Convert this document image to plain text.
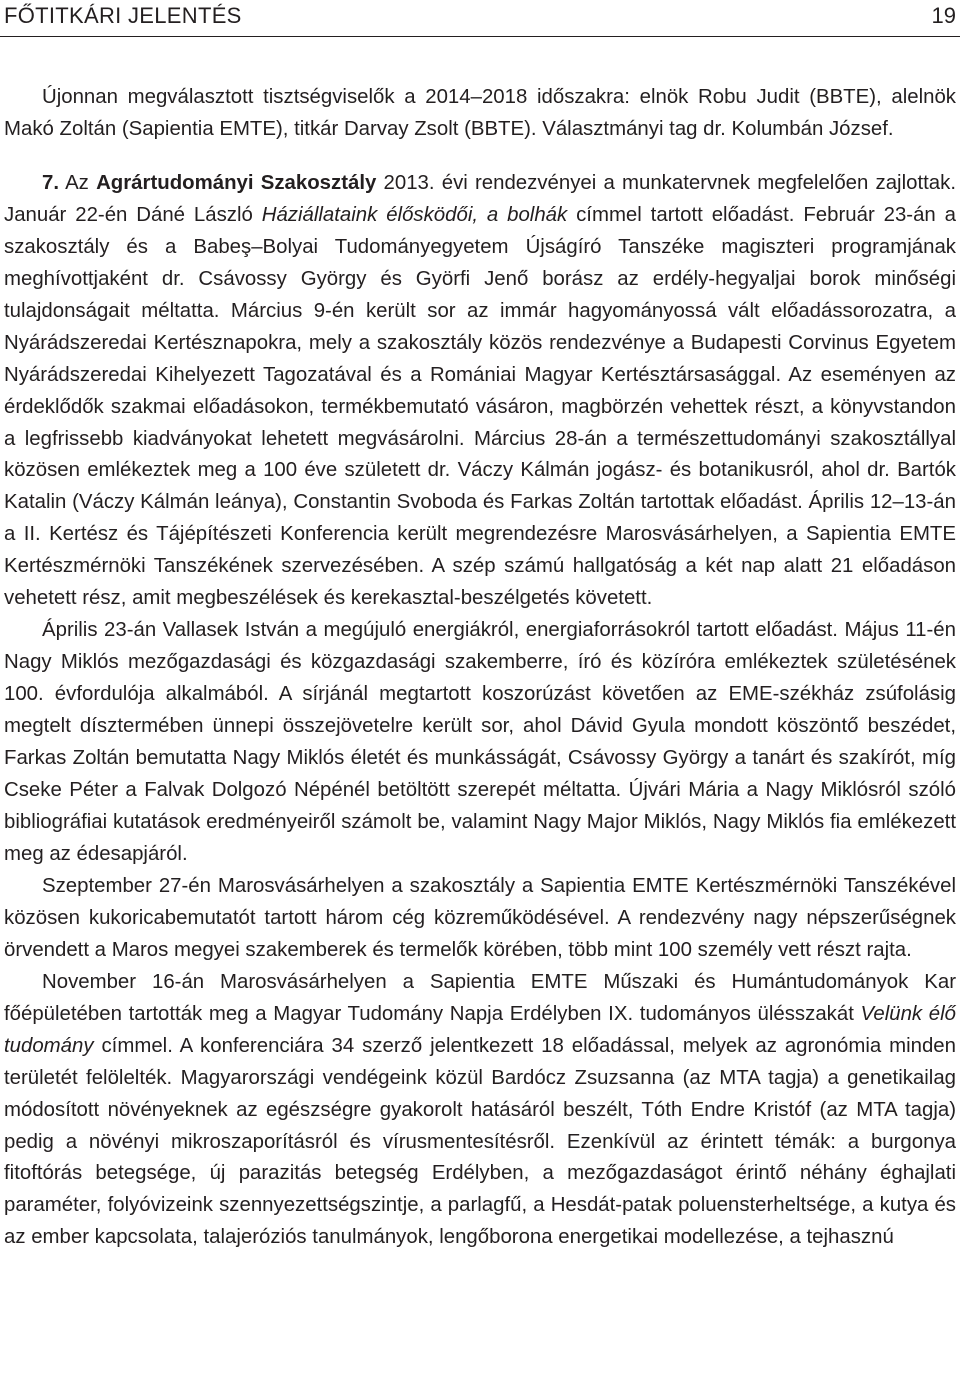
FŐTITKÁRI JELENTÉS	19

Újonnan megválasztott tisztségviselők a 2014–2018 időszakra: elnök Robu Judit (BBTE), alelnök Makó Zoltán (Sapientia EMTE), titkár Darvay Zsolt (BBTE). Választmányi tag dr. Kolumbán József.

7. Az Agrártudományi Szakosztály 2013. évi rendezvényei a munkatervnek megfelelően zajlottak. Január 22-én Dáné László Háziállataink élősködői, a bolhák címmel tartott előadást. Február 23-án a szakosztály és a Babeş–Bolyai Tudományegyetem Újságíró Tanszéke magiszteri programjának meghívottjaként dr. Csávossy György és Györfi Jenő borász az erdély-hegyaljai borok minőségi tulajdonságait méltatta. Március 9-én került sor az immár hagyományossá vált előadássorozatra, a Nyárádszeredai Kertésznapokra, mely a szakosztály közös rendezvénye a Budapesti Corvinus Egyetem Nyárádszeredai Kihelyezett Tagozatával és a Romániai Magyar Kertésztársasággal. Az eseményen az érdeklődők szakmai előadásokon, termékbemutató vásáron, magbörzén vehettek részt, a könyvstandon a legfrissebb kiadványokat lehetett megvásárolni. Március 28-án a természettudományi szakosztállyal közösen emlékeztek meg a 100 éve született dr. Váczy Kálmán jogász- és botanikusról, ahol dr. Bartók Katalin (Váczy Kálmán leánya), Constantin Svoboda és Farkas Zoltán tartottak előadást. Április 12–13-án a II. Kertész és Tájépítészeti Konferencia került megrendezésre Marosvásárhelyen, a Sapientia EMTE Kertészmérnöki Tanszékének szervezésében. A szép számú hallgatóság a két nap alatt 21 előadáson vehetett rész, amit megbeszélések és kerekasztal-beszélgetés követett.

Április 23-án Vallasek István a megújuló energiákról, energiaforrásokról tartott előadást. Május 11-én Nagy Miklós mezőgazdasági és közgazdasági szakemberre, író és közíróra emlékeztek születésének 100. évfordulója alkalmából. A sírjánál megtartott koszorúzást követően az EME-székház zsúfolásig megtelt dísztermében ünnepi összejövetelre került sor, ahol Dávid Gyula mondott köszöntő beszédet, Farkas Zoltán bemutatta Nagy Miklós életét és munkásságát, Csávossy György a tanárt és szakírót, míg Cseke Péter a Falvak Dolgozó Népénél betöltött szerepét méltatta. Újvári Mária a Nagy Miklósról szóló bibliográfiai kutatások eredményeiről számolt be, valamint Nagy Major Miklós, Nagy Miklós fia emlékezett meg az édesapjáról.

Szeptember 27-én Marosvásárhelyen a szakosztály a Sapientia EMTE Kertészmérnöki Tanszékével közösen kukoricabemutatót tartott három cég közreműködésével. A rendezvény nagy népszerűségnek örvendett a Maros megyei szakemberek és termelők körében, több mint 100 személy vett részt rajta.

November 16-án Marosvásárhelyen a Sapientia EMTE Műszaki és Humántudományok Kar főépületében tartották meg a Magyar Tudomány Napja Erdélyben IX. tudományos ülésszakát Velünk élő tudomány címmel. A konferenciára 34 szerző jelentkezett 18 előadással, melyek az agronómia minden területét felölelték. Magyarországi vendégeink közül Bardócz Zsuzsanna (az MTA tagja) a genetikailag módosított növényeknek az egészségre gyakorolt hatásáról beszélt, Tóth Endre Kristóf (az MTA tagja) pedig a növényi mikroszaporításról és vírusmentesítésről. Ezenkívül az érintett témák: a burgonya fitoftórás betegsége, új parazitás betegség Erdélyben, a mezőgazdaságot érintő néhány éghajlati paraméter, folyóvizeink szennyezettségszintje, a parlagfű, a Hesdát-patak poluensterheltsége, a kutya és az ember kapcsolata, talajeróziós tanulmányok, lengőborona energetikai modellezése, a tejhasznú
